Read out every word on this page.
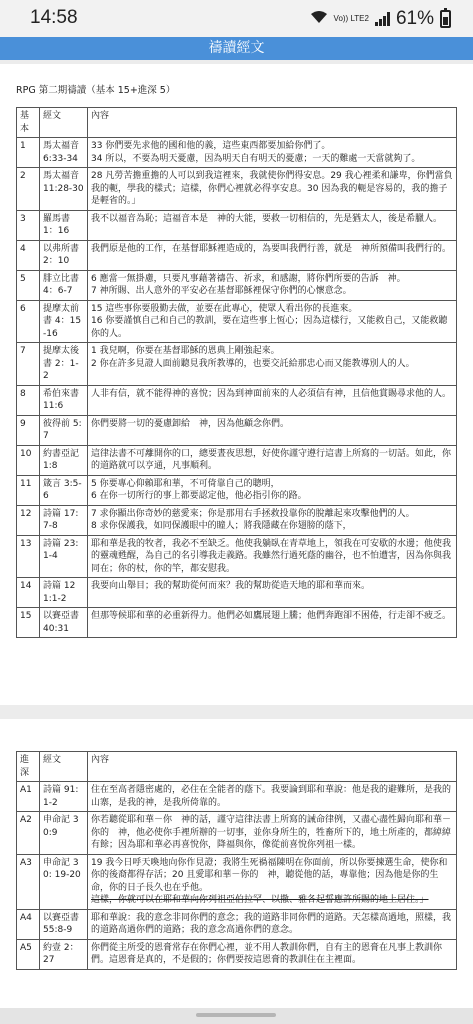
14:58	Vo)) LTE2 61%
禱讀經文
RPG 第二期禱讀（基本 15+進深 5）
基本	經文	內容
1	馬太福音 6:33-34	33 你們要先求他的國和他的義，這些東西都要加給你們了。
34 所以，不要為明天憂慮，因為明天自有明天的憂慮；一天的難處一天當就夠了。

2	馬太福音 11:28-30	28 凡勞苦擔重擔的人可以到我這裡來，我就使你們得安息。29 我心裡柔和謙卑，你們當負我的軛，學我的樣式；這樣，你們心裡就必得享安息。30 因為我的軛是容易的，我的擔子是輕省的。」

3	羅馬書 1：16	我不以福音為恥；這福音本是　神的大能，要救一切相信的，先是猶太人，後是希臘人。

4	以弗所書 2：10	我們原是他的工作，在基督耶穌裡造成的，為要叫我們行善，就是　神所預備叫我們行的。

5	腓立比書 4：6-7	6 應當一無掛慮，只要凡事藉著禱告、祈求，和感謝，將你們所要的告訴　神。
7 神所賜、出人意外的平安必在基督耶穌裡保守你們的心懷意念。

6	提摩太前書 4：15-16	15 這些事你要殷勤去做，並要在此專心，使眾人看出你的長進來。
16 你要謹慎自己和自己的教訓，要在這些事上恆心；因為這樣行，又能救自己，又能救聽你的人。

7	提摩太後書 2：1-2	1 我兒啊，你要在基督耶穌的恩典上剛強起來。
2 你在許多見證人面前聽見我所教導的，也要交託給那忠心而又能教導別人的人。

8	希伯來書 11:6	人非有信，就不能得神的喜悅；因為到神面前來的人必須信有神，且信他賞賜尋求他的人。

9	彼得前 5:7	你們要將一切的憂慮卸給　神，因為他顧念你們。

10	約書亞記 1:8	這律法書不可離開你的口，總要晝夜思想，好使你謹守遵行這書上所寫的一切話。如此，你的道路就可以亨通，凡事順利。

11	箴言 3:5-6	5 你要專心仰賴耶和華，不可倚靠自己的聰明，
6 在你一切所行的事上都要認定他，他必指引你的路。

12	詩篇 17:7-8	7 求你顯出你奇妙的慈愛來；你是那用右手拯救投靠你的脫離起來攻擊他們的人。
8 求你保護我，如同保護眼中的瞳人；將我隱藏在你翅膀的蔭下，

13	詩篇 23:1-4	耶和華是我的牧者，我必不至缺乏。他使我躺臥在青草地上，領我在可安歇的水邊；他使我的靈魂甦醒，為自己的名引導我走義路。我雖然行過死蔭的幽谷，也不怕遭害，因為你與我同在；你的杖，你的竿，都安慰我。

14	詩篇 121:1-2	我要向山舉目；我的幫助從何而來？我的幫助從造天地的耶和華而來。

15	以賽亞書 40:31	但那等候耶和華的必重新得力。他們必如鷹展翅上騰；他們奔跑卻不困倦，行走卻不疲乏。
進深	經文	內容
A1	詩篇 91:1-2	住在至高者隱密處的，必住在全能者的蔭下。我要論到耶和華說：他是我的避難所，是我的山寨，是我的神，是我所倚靠的。

A2	申命記 30:9	你若聽從耶和華－你　神的話，謹守這律法書上所寫的誡命律例，又盡心盡性歸向耶和華－你的　神，他必使你手裡所辦的一切事，並你身所生的，牲畜所下的，地土所產的，都綽綽有餘；因為耶和華必再喜悅你，降福與你，像從前喜悅你列祖一樣。

A3	申命記 30: 19-20	19 我今日呼天喚地向你作見證；我將生死禍福陳明在你面前，所以你要揀選生命，使你和你的後裔都得存活；20 且愛耶和華－你的　神，聽從他的話，專靠他；因為他是你的生命，你的日子長久也在乎他。
這樣，你就可以在耶和華向你列祖亞伯拉罕、以撒、雅各起誓應許所賜的地上居住。」

A4	以賽亞書 55:8-9	耶和華說：我的意念非同你們的意念；我的道路非同你們的道路。天怎樣高過地，照樣，我的道路高過你們的道路；我的意念高過你們的意念。

A5	約壹 2：27	你們從主所受的恩膏常存在你們心裡，並不用人教訓你們，自有主的恩膏在凡事上教訓你們。這恩膏是真的，不是假的；你們要按這恩膏的教訓住在主裡面。
